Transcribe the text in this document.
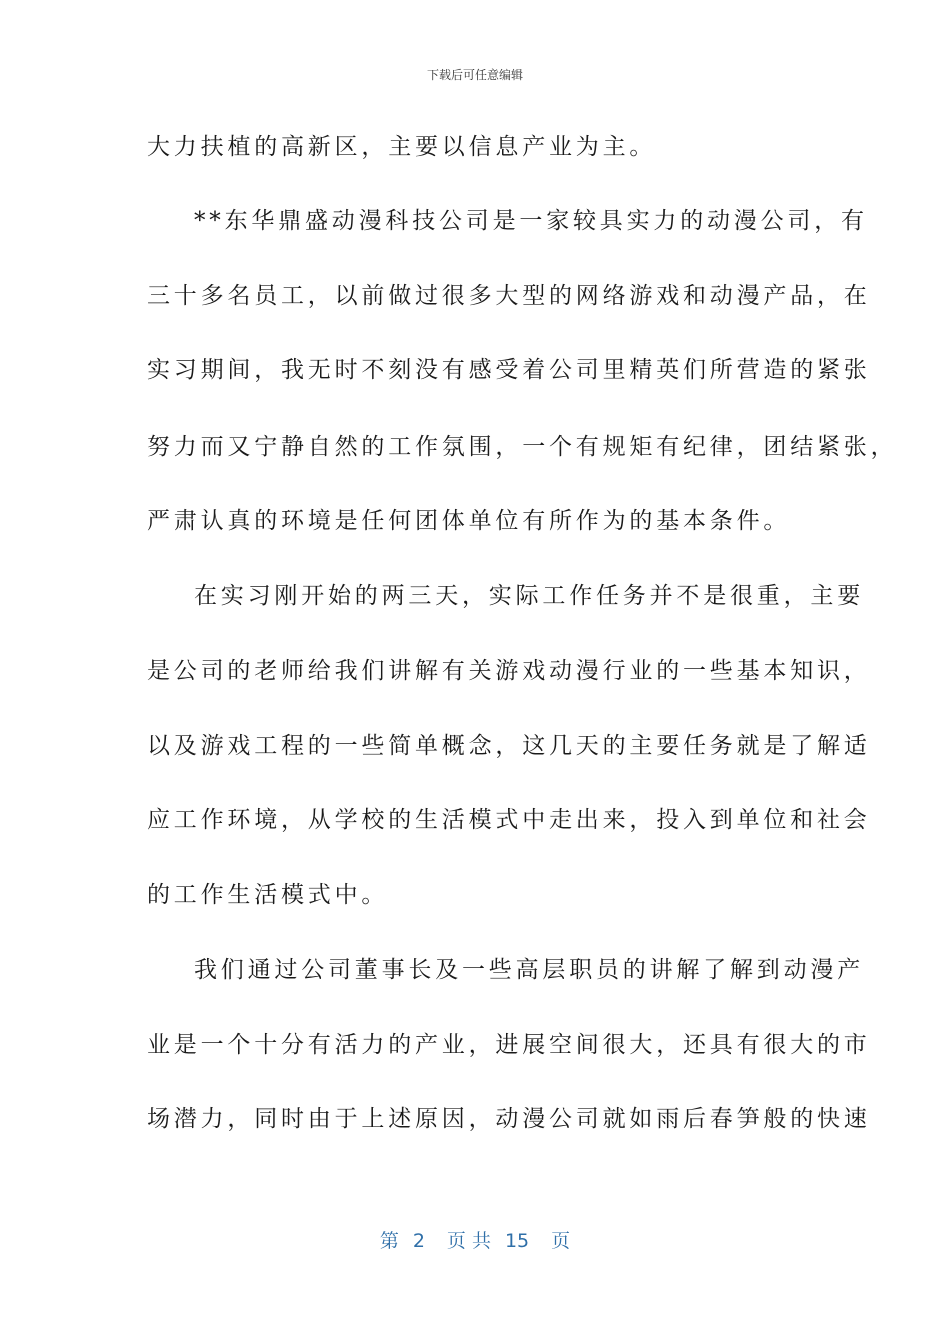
下载后可任意编辑
大力扶植的高新区，主要以信息产业为主。
**东华鼎盛动漫科技公司是一家较具实力的动漫公司，有
三十多名员工，以前做过很多大型的网络游戏和动漫产品，在
实习期间，我无时不刻没有感受着公司里精英们所营造的紧张
努力而又宁静自然的工作氛围，一个有规矩有纪律，团结紧张，
严肃认真的环境是任何团体单位有所作为的基本条件。
在实习刚开始的两三天，实际工作任务并不是很重，主要
是公司的老师给我们讲解有关游戏动漫行业的一些基本知识，
以及游戏工程的一些简单概念，这几天的主要任务就是了解适
应工作环境，从学校的生活模式中走出来，投入到单位和社会
的工作生活模式中。
我们通过公司董事长及一些高层职员的讲解了解到动漫产
业是一个十分有活力的产业，进展空间很大，还具有很大的市
场潜力，同时由于上述原因，动漫公司就如雨后春笋般的快速
第 2 页 共 15 页
